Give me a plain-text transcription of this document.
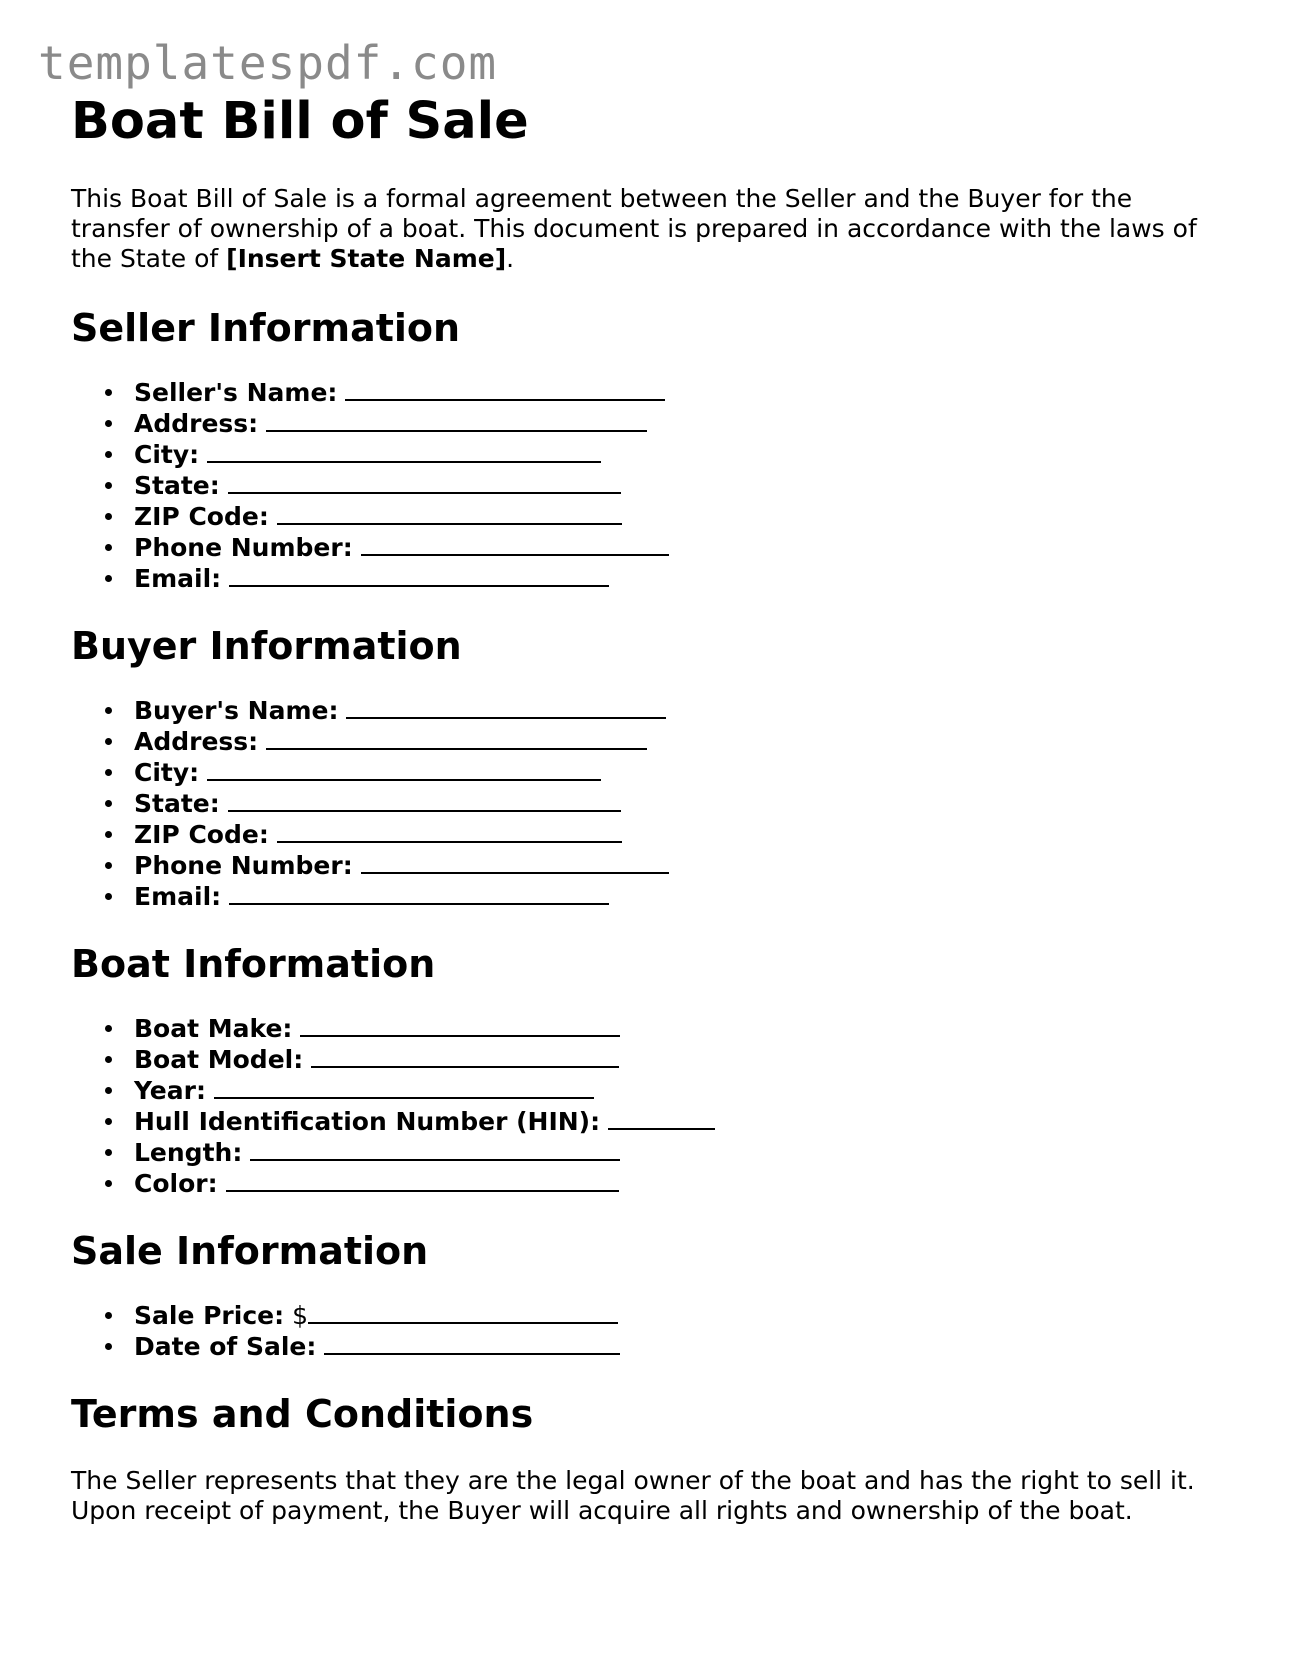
templatespdf.com
Boat Bill of Sale

This Boat Bill of Sale is a formal agreement between the Seller and the Buyer for the transfer of ownership of a boat. This document is prepared in accordance with the laws of the State of [Insert State Name].

Seller Information
Seller's Name:
Address:
City:
State:
ZIP Code:
Phone Number:
Email:
Buyer Information
Buyer's Name:
Address:
City:
State:
ZIP Code:
Phone Number:
Email:
Boat Information
Boat Make:
Boat Model:
Year:
Hull Identification Number (HIN):
Length:
Color:
Sale Information
Sale Price: $
Date of Sale:
Terms and Conditions

The Seller represents that they are the legal owner of the boat and has the right to sell it. Upon receipt of payment, the Buyer will acquire all rights and ownership of the boat.
